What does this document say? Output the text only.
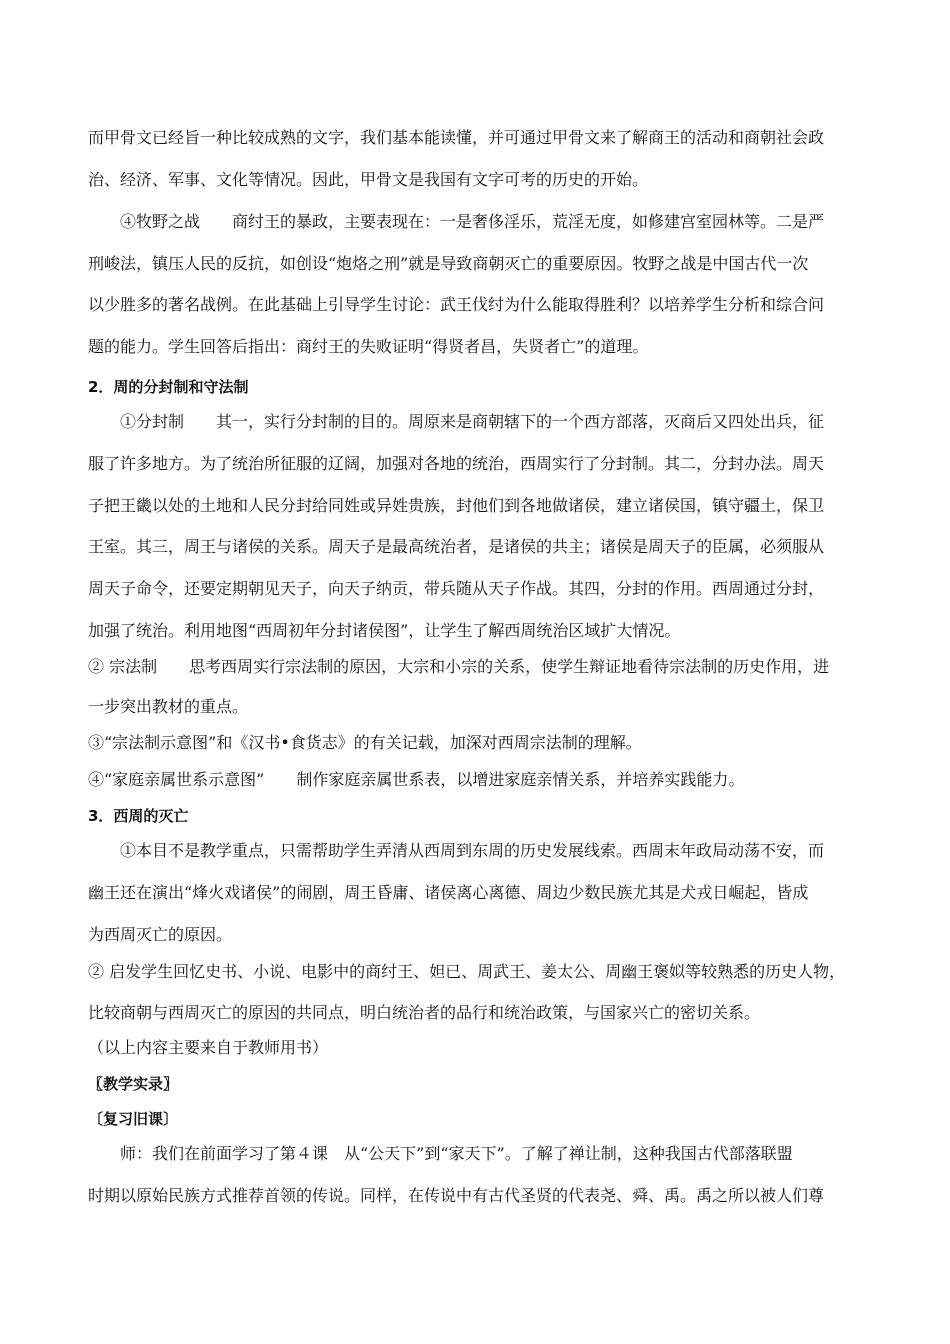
而甲骨文已经旨一种比较成熟的文字，我们基本能读懂，并可通过甲骨文来了解商王的活动和商朝社会政
治、经济、军事、文化等情况。因此，甲骨文是我国有文字可考的历史的开始。
④牧野之战 商纣王的暴政，主要表现在：一是奢侈淫乐，荒淫无度，如修建宫室园林等。二是严
刑峻法，镇压人民的反抗，如创设“炮烙之刑”就是导致商朝灭亡的重要原因。牧野之战是中国古代一次
以少胜多的著名战例。在此基础上引导学生讨论：武王伐纣为什么能取得胜利？以培养学生分析和综合问
题的能力。学生回答后指出：商纣王的失败证明“得贤者昌，失贤者亡”的道理。
2．周的分封制和守法制
①分封制 其一，实行分封制的目的。周原来是商朝辖下的一个西方部落，灭商后又四处出兵，征
服了许多地方。为了统治所征服的辽阔，加强对各地的统治，西周实行了分封制。其二，分封办法。周天
子把王畿以处的土地和人民分封给同姓或异姓贵族，封他们到各地做诸侯，建立诸侯国，镇守疆土，保卫
王室。其三，周王与诸侯的关系。周天子是最高统治者，是诸侯的共主；诸侯是周天子的臣属，必须服从
周天子命令，还要定期朝见天子，向天子纳贡，带兵随从天子作战。其四，分封的作用。西周通过分封，
加强了统治。利用地图“西周初年分封诸侯图”，让学生了解西周统治区域扩大情况。
② 宗法制 思考西周实行宗法制的原因，大宗和小宗的关系，使学生辩证地看待宗法制的历史作用，进
一步突出教材的重点。
③“宗法制示意图”和《汉书•食货志》的有关记载，加深对西周宗法制的理解。
④“家庭亲属世系示意图” 制作家庭亲属世系表，以增进家庭亲情关系，并培养实践能力。
3．西周的灭亡
①本目不是教学重点，只需帮助学生弄清从西周到东周的历史发展线索。西周末年政局动荡不安，而
幽王还在演出“烽火戏诸侯”的闹剧，周王昏庸、诸侯离心离德、周边少数民族尤其是犬戎日崛起，皆成
为西周灭亡的原因。
② 启发学生回忆史书、小说、电影中的商纣王、妲已、周武王、姜太公、周幽王褒姒等较熟悉的历史人物，
比较商朝与西周灭亡的原因的共同点，明白统治者的品行和统治政策，与国家兴亡的密切关系。
（以上内容主要来自于教师用书）
〖教学实录〗
〔复习旧课〕
师：我们在前面学习了第４课　从“公天下”到“家天下”。了解了禅让制，这种我国古代部落联盟
时期以原始民族方式推荐首领的传说。同样，在传说中有古代圣贤的代表尧、舜、禹。禹之所以被人们尊
